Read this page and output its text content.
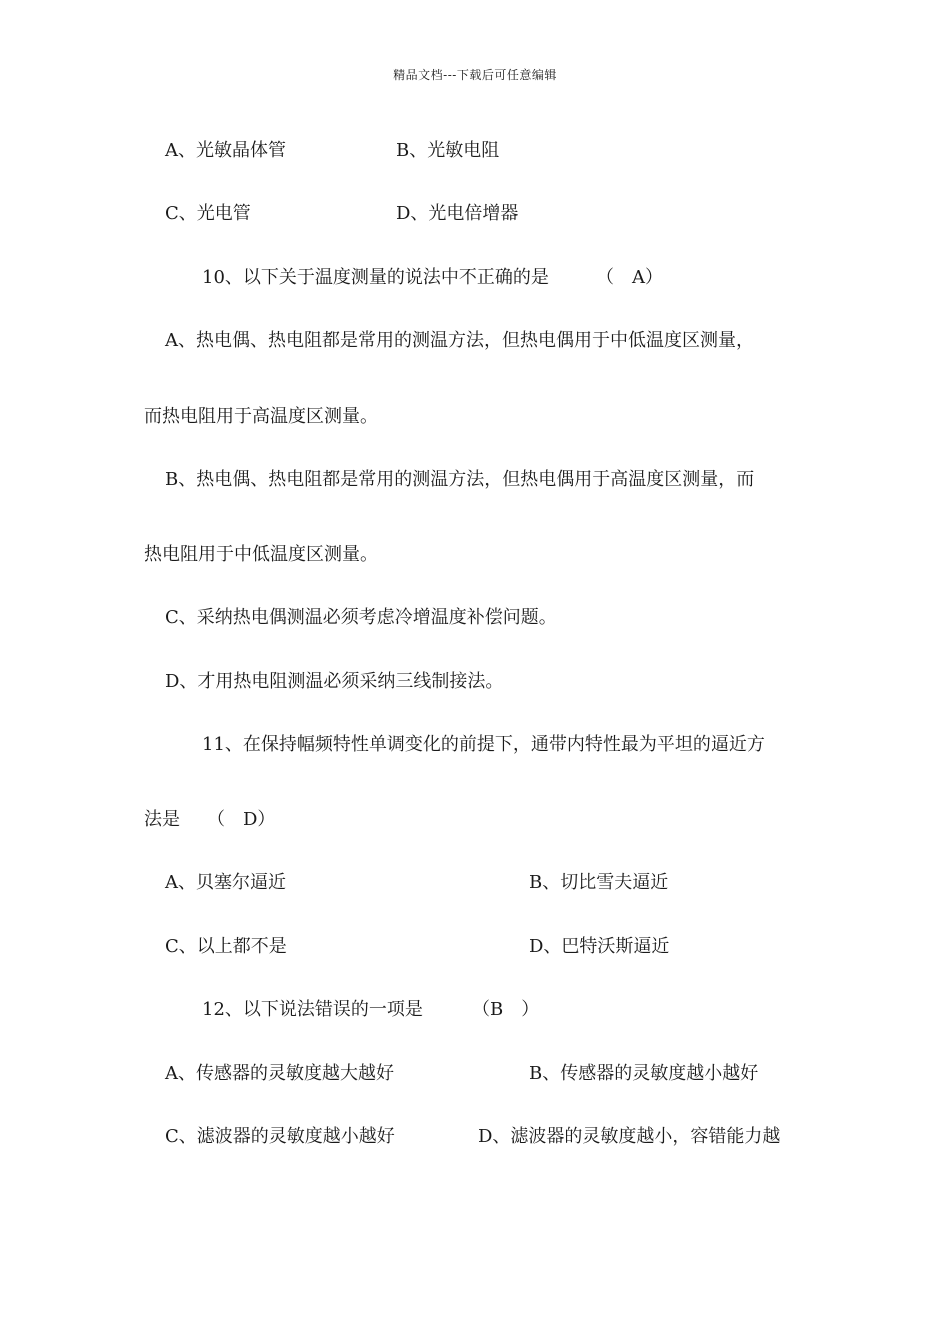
精品文档---下载后可任意编辑
A、光敏晶体管	B、光敏电阻
C、光电管	D、光电倍增器
10、以下关于温度测量的说法中不正确的是	（　A）
A、热电偶、热电阻都是常用的测温方法，但热电偶用于中低温度区测量，
而热电阻用于高温度区测量。
B、热电偶、热电阻都是常用的测温方法，但热电偶用于高温度区测量，而
热电阻用于中低温度区测量。
C、采纳热电偶测温必须考虑冷增温度补偿问题。
D、才用热电阻测温必须采纳三线制接法。
11、在保持幅频特性单调变化的前提下，通带内特性最为平坦的逼近方
法是 （　D）
A、贝塞尔逼近	B、切比雪夫逼近
C、以上都不是	D、巴特沃斯逼近
12、以下说法错误的一项是	（B　）
A、传感器的灵敏度越大越好	B、传感器的灵敏度越小越好
C、滤波器的灵敏度越小越好	D、滤波器的灵敏度越小，容错能力越
